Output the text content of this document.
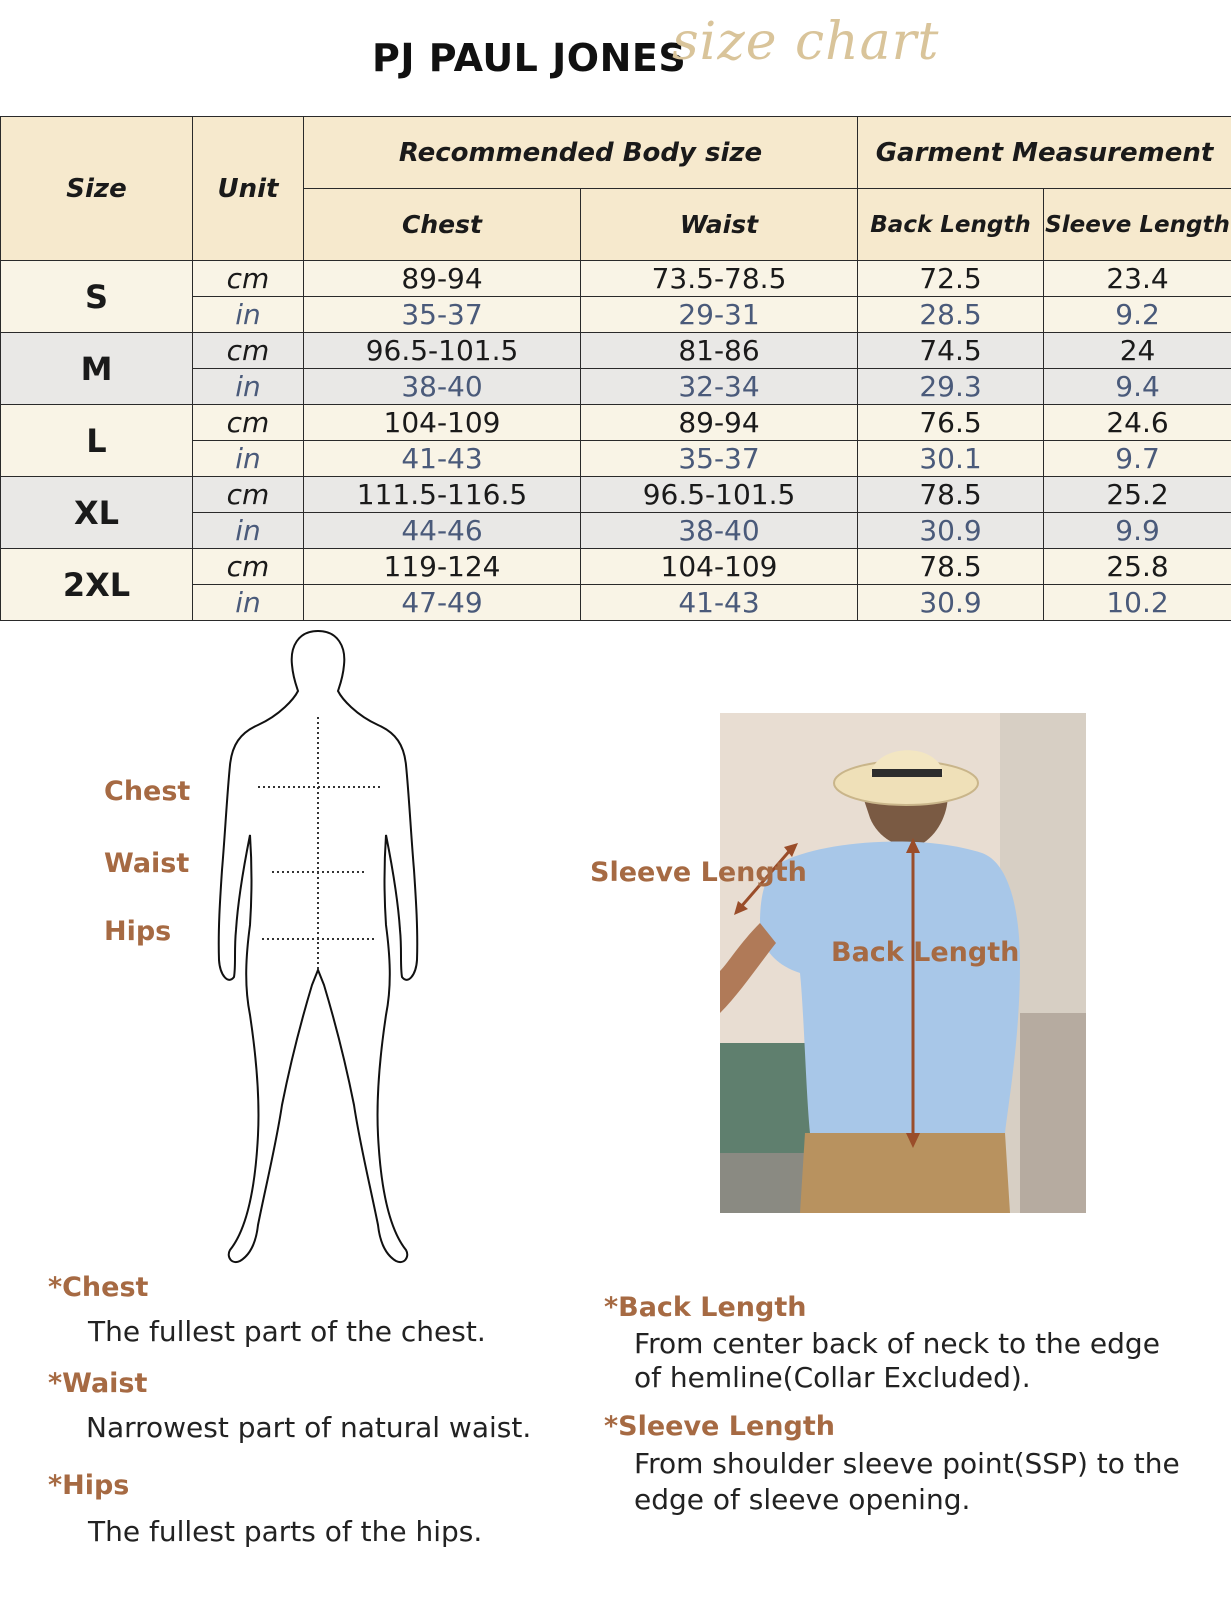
PJ PAUL JONES
size chart
Size	Unit	Recommended Body size		Garment Measurement	
		Chest	Waist	Back Length	Sleeve Length
S	cm	89-94	73.5-78.5	72.5	23.4
	in	35-37	29-31	28.5	9.2
M	cm	96.5-101.5	81-86	74.5	24
	in	38-40	32-34	29.3	9.4
L	cm	104-109	89-94	76.5	24.6
	in	41-43	35-37	30.1	9.7
XL	cm	111.5-116.5	96.5-101.5	78.5	25.2
	in	44-46	38-40	30.9	9.9
2XL	cm	119-124	104-109	78.5	25.8
	in	47-49	41-43	30.9	10.2
Chest
Waist
Hips
Sleeve Length
Back Length
*Chest
The fullest part of the chest.
*Waist
Narrowest part of natural waist.
*Hips
The fullest parts of the hips.
*Back Length
From center back of neck to the edge
of hemline(Collar Excluded).
*Sleeve Length
From shoulder sleeve point(SSP) to the
edge of sleeve opening.
